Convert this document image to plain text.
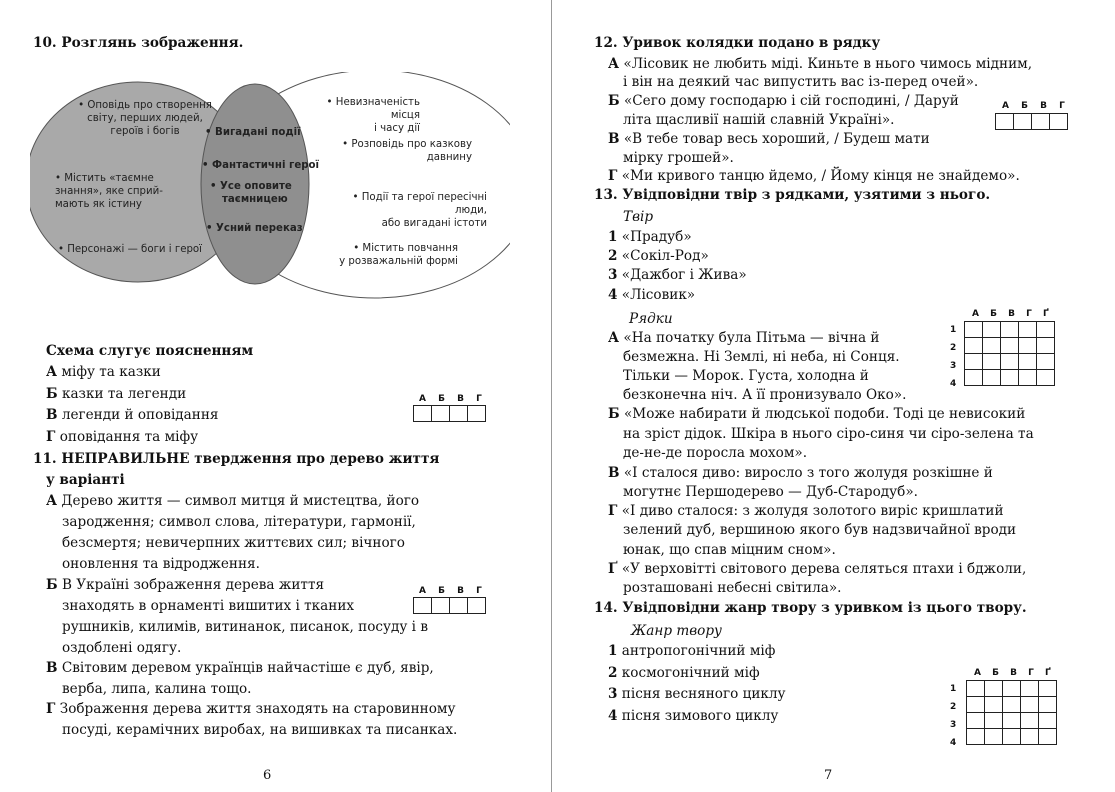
10. Розглянь зображення.
• Оповідь про створення
світу, перших людей,
героїв і богів
• Містить «таємне
знання», яке сприй-
мають як істину
• Персонажі — боги і герої
• Вигадані події
• Фантастичні герої
• Усе оповите
таємницею
• Усний переказ
• Невизначеність місця
і часу дії
• Розповідь про казкову
давнину
• Події та герої пересічні люди,
або вигадані істоти
• Містить повчання
у розважальній формі
Схема слугує поясненням
А міфу та казки
Б казки та легенди
В легенди й оповідання
Г оповідання та міфу
А Б В Г

11. НЕПРАВИЛЬНЕ твердження про дерево життя
у варіанті
А Дерево життя — символ митця й мистецтва, його
зародження; символ слова, літератури, гармонії,
безсмертя; невичерпних життєвих сил; вічного
оновлення та відродження.
Б В Україні зображення дерева життя
знаходять в орнаменті вишитих і тканих
рушників, килимів, витинанок, писанок, посуду і в
оздоблені одягу.
В Світовим деревом українців найчастіше є дуб, явір,
верба, липа, калина тощо.
Г Зображення дерева життя знаходять на старовинному
посуді, керамічних виробах, на вишивках та писанках.
А Б В Г

6
12. Уривок колядки подано в рядку
А «Лісовик не любить міді. Киньте в нього чимось мідним,
і він на деякий час випустить вас із-перед очей».
Б «Сего дому господарю і сій господині, / Даруй
літа щасливії нашій славній Україні».
В «В тебе товар весь хороший, / Будеш мати
мірку грошей».
Г «Ми кривого танцю йдемо, / Йому кінця не знайдемо».
А Б В Г

13. Увідповідни твір з рядками, узятими з нього.
Твір
1 «Прадуб»
2 «Сокіл-Род»
3 «Дажбог і Жива»
4 «Лісовик»
Рядки
А «На початку була Пітьма — вічна й
безмежна. Ні Землі, ні неба, ні Сонця.
Тільки — Морок. Густа, холодна й
безконечна ніч. А її пронизувало Око».
Б «Може набирати й людської подоби. Тоді це невисокий
на зріст дідок. Шкіра в нього сіро-синя чи сіро-зелена та
де-не-де поросла мохом».
В «І сталося диво: виросло з того жолудя розкішне й
могутнє Першодерево — Дуб-Стародуб».
Г «І диво сталося: з жолудя золотого виріс кришлатий
зелений дуб, вершиною якого був надзвичайної вроди
юнак, що спав міцним сном».
Ґ «У верховітті світового дерева селяться птахи і бджоли,
розташовані небесні світила».
А Б В Г Ґ
1
2
3
4

14. Увідповідни жанр твору з уривком із цього твору.
Жанр твору
1 антропогонічний міф
2 космогонічний міф
3 пісня весняного циклу
4 пісня зимового циклу
А Б В Г Ґ
1
2
3
4

7
